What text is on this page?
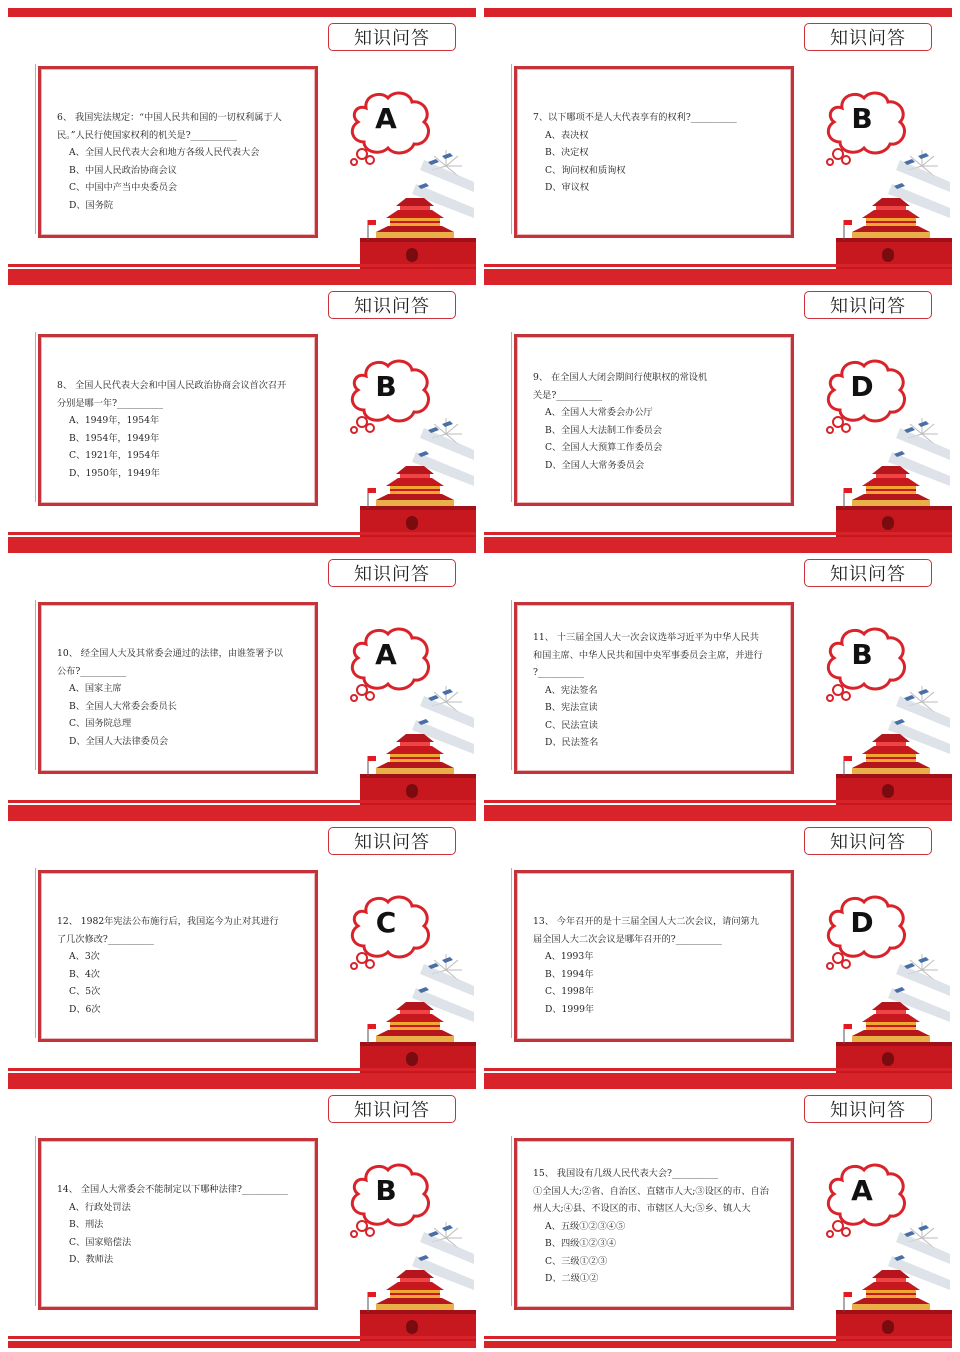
知识问答
6、 我国宪法规定：“中国人民共和国的一切权利属于人
民。”人民行使国家权利的机关是?__________
A、全国人民代表大会和地方各级人民代表大会
B、中国人民政治协商会议
C、中国中产当中央委员会
D、国务院
A
知识问答
7、以下哪项不是人大代表享有的权利?__________
A、表决权
B、决定权
C、询问权和质询权
D、审议权
B
知识问答
8、 全国人民代表大会和中国人民政治协商会议首次召开
分别是哪一年?__________
A、1949年，1954年
B、1954年，1949年
C、1921年，1954年
D、1950年，1949年
B
知识问答
9、 在全国人大闭会期间行使职权的常设机
关是?__________
A、全国人大常委会办公厅
B、全国人大法制工作委员会
C、全国人大预算工作委员会
D、全国人大常务委员会
D
知识问答
10、 经全国人大及其常委会通过的法律，由谁签署予以
公布?__________
A、国家主席
B、全国人大常委会委员长
C、国务院总理
D、全国人大法律委员会
A
知识问答
11、 十三届全国人大一次会议选举习近平为中华人民共
和国主席、中华人民共和国中央军事委员会主席，并进行
?__________
A、宪法签名
B、宪法宣读
C、民法宣读
D、民法签名
B
知识问答
12、 1982年宪法公布施行后，我国迄今为止对其进行
了几次修改?__________
A、3次
B、4次
C、5次
D、6次
C
知识问答
13、 今年召开的是十三届全国人大二次会议，请问第九
届全国人大二次会议是哪年召开的?__________
A、1993年
B、1994年
C、1998年
D、1999年
D
知识问答
14、 全国人大常委会不能制定以下哪种法律?__________
A、行政处罚法
B、刑法
C、国家赔偿法
D、教师法
B
知识问答
15、 我国设有几级人民代表大会?__________
①全国人大;②省、自治区、直辖市人大;③设区的市、自治
州人大;④县、不设区的市、市辖区人大;⑤乡、镇人大
A、五级①②③④⑤
B、四级①②③④
C、三级①②③
D、二级①②
A
